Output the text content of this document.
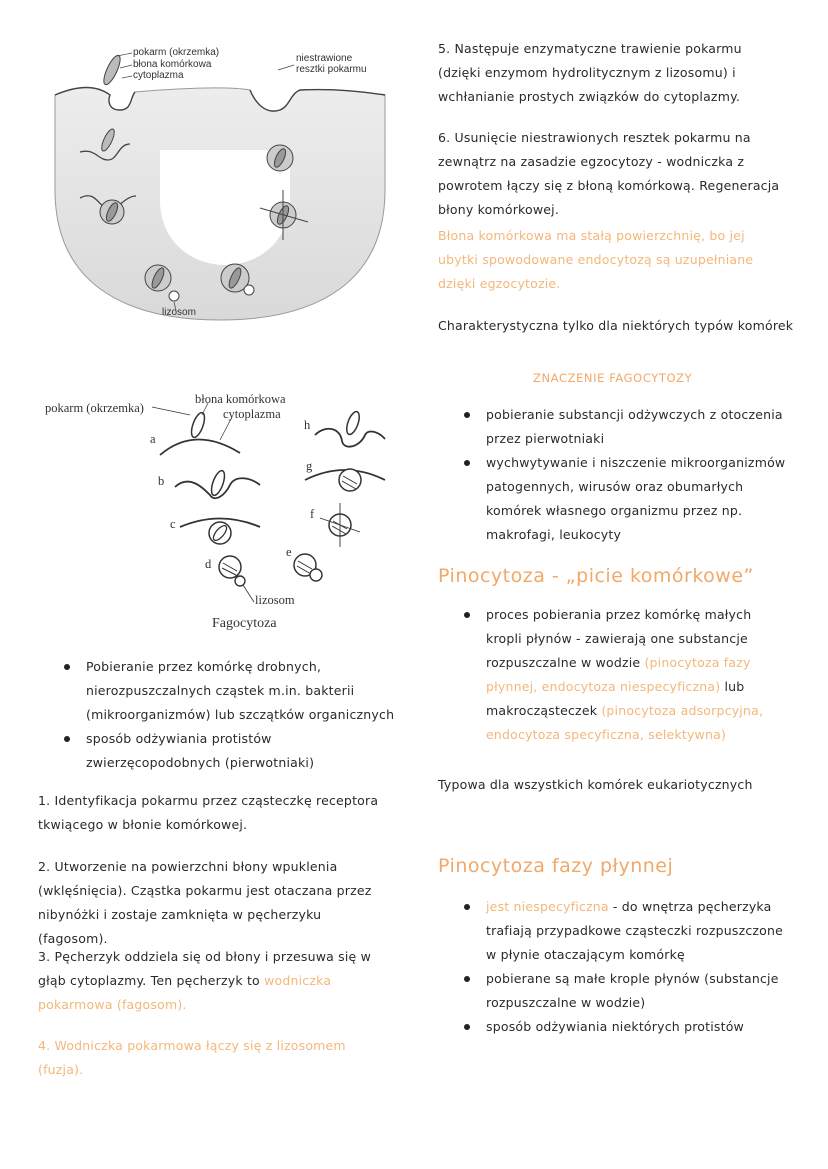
pokarm (okrzemka)
błona komórkowa
cytoplazma
niestrawione
resztki pokarmu
lizosom
pokarm (okrzemka)
błona komórkowa
cytoplazma
a
b
c
d
e
f
g
h
lizosom
Fagocytoza
Pobieranie przez komórkę drobnych, nierozpuszczalnych cząstek m.in. bakterii (mikroorganizmów) lub szczątków organicznych
sposób odżywiania protistów zwierzęcopodobnych (pierwotniaki)
1. Identyfikacja pokarmu przez cząsteczkę receptora tkwiącego w błonie komórkowej.
2. Utworzenie na powierzchni błony wpuklenia (wklęśnięcia). Cząstka pokarmu jest otaczana przez nibynóżki i zostaje zamknięta w pęcherzyku (fagosom).
3. Pęcherzyk oddziela się od błony i przesuwa się w głąb cytoplazmy. Ten pęcherzyk to wodniczka pokarmowa (fagosom).
4. Wodniczka pokarmowa łączy się z lizosomem (fuzja).
5. Następuje enzymatyczne trawienie pokarmu (dzięki enzymom hydrolitycznym z lizosomu) i wchłanianie prostych związków do cytoplazmy.
6. Usunięcie niestrawionych resztek pokarmu na zewnątrz na zasadzie egzocytozy - wodniczka z powrotem łączy się z błoną komórkową. Regeneracja błony komórkowej.
Błona komórkowa ma stałą powierzchnię, bo jej ubytki spowodowane endocytozą są uzupełniane dzięki egzocytozie.
Charakterystyczna tylko dla niektórych typów komórek
ZNACZENIE FAGOCYTOZY
pobieranie substancji odżywczych z otoczenia przez pierwotniaki
wychwytywanie i niszczenie mikroorganizmów patogennych, wirusów oraz obumarłych komórek własnego organizmu przez np. makrofagi, leukocyty
Pinocytoza - „picie komórkowe”
proces pobierania przez komórkę małych kropli płynów - zawierają one substancje rozpuszczalne w wodzie (pinocytoza fazy płynnej, endocytoza niespecyficzna) lub makrocząsteczek (pinocytoza adsorpcyjna, endocytoza specyficzna, selektywna)
Typowa dla wszystkich komórek eukariotycznych
Pinocytoza fazy płynnej
jest niespecyficzna - do wnętrza pęcherzyka trafiają przypadkowe cząsteczki rozpuszczone w płynie otaczającym komórkę
pobierane są małe krople płynów (substancje rozpuszczalne w wodzie)
sposób odżywiania niektórych protistów
